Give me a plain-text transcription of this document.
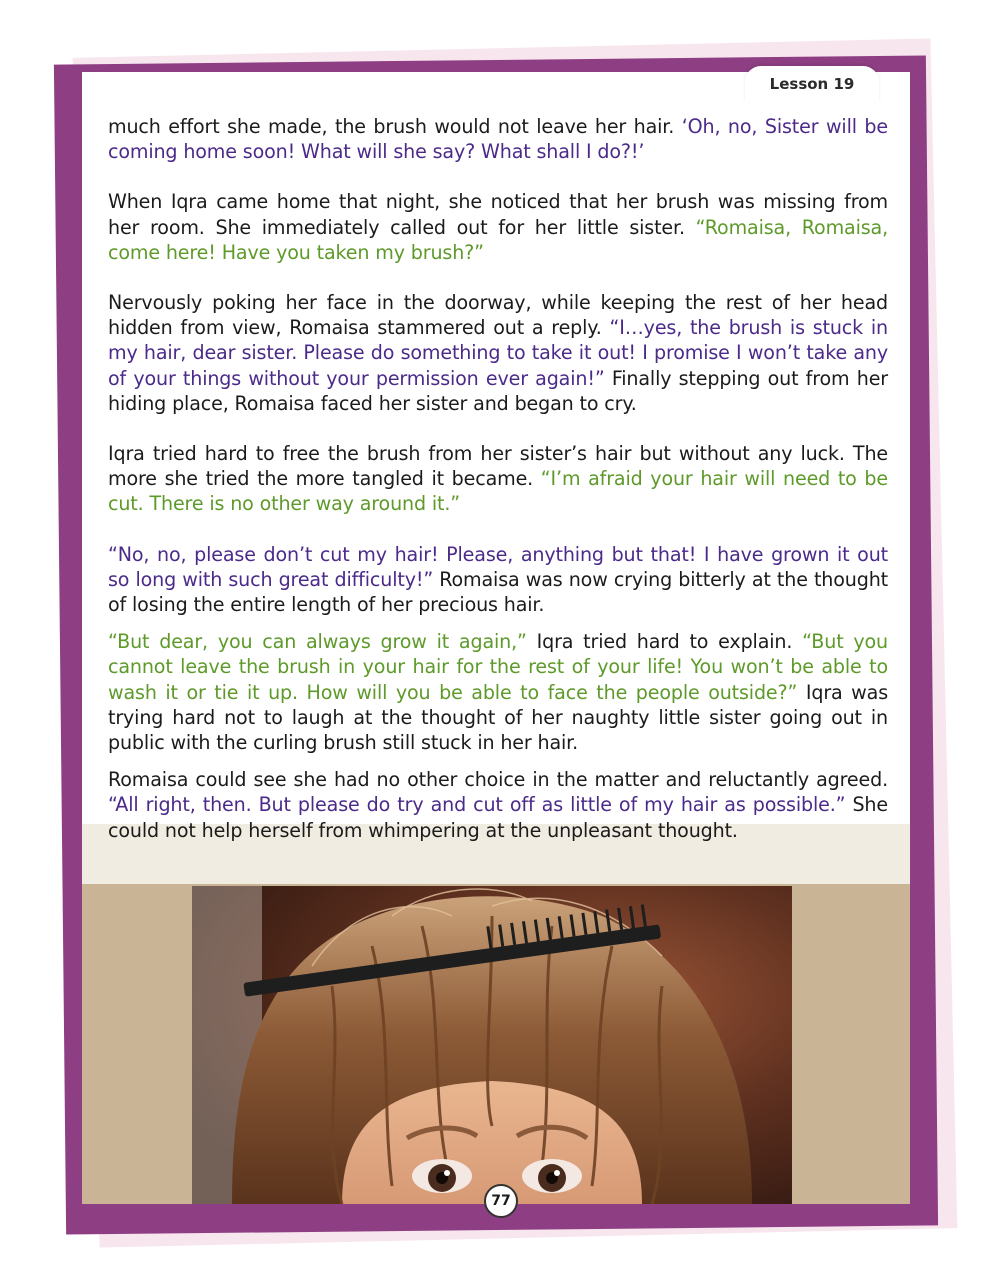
Lesson 19
77

much effort she made, the brush would not leave her hair. ‘Oh, no, Sister will be coming home soon! What will she say? What shall I do?!’

When Iqra came home that night, she noticed that her brush was missing from her room. She immediately called out for her little sister. “Romaisa, Romaisa, come here! Have you taken my brush?”

Nervously poking her face in the doorway, while keeping the rest of her head hidden from view, Romaisa stammered out a reply. “I…yes, the brush is stuck in my hair, dear sister. Please do something to take it out! I promise I won’t take any of your things without your permission ever again!” Finally stepping out from her hiding place, Romaisa faced her sister and began to cry.

Iqra tried hard to free the brush from her sister’s hair but without any luck. The more she tried the more tangled it became. “I’m afraid your hair will need to be cut. There is no other way around it.”

“No, no, please don’t cut my hair! Please, anything but that! I have grown it out so long with such great difficulty!” Romaisa was now crying bitterly at the thought of losing the entire length of her precious hair.

“But dear, you can always grow it again,” Iqra tried hard to explain. “But you cannot leave the brush in your hair for the rest of your life! You won’t be able to wash it or tie it up. How will you be able to face the people outside?” Iqra was trying hard not to laugh at the thought of her naughty little sister going out in public with the curling brush still stuck in her hair.

Romaisa could see she had no other choice in the matter and reluctantly agreed. “All right, then. But please do try and cut off as little of my hair as possible.” She could not help herself from whimpering at the unpleasant thought.
